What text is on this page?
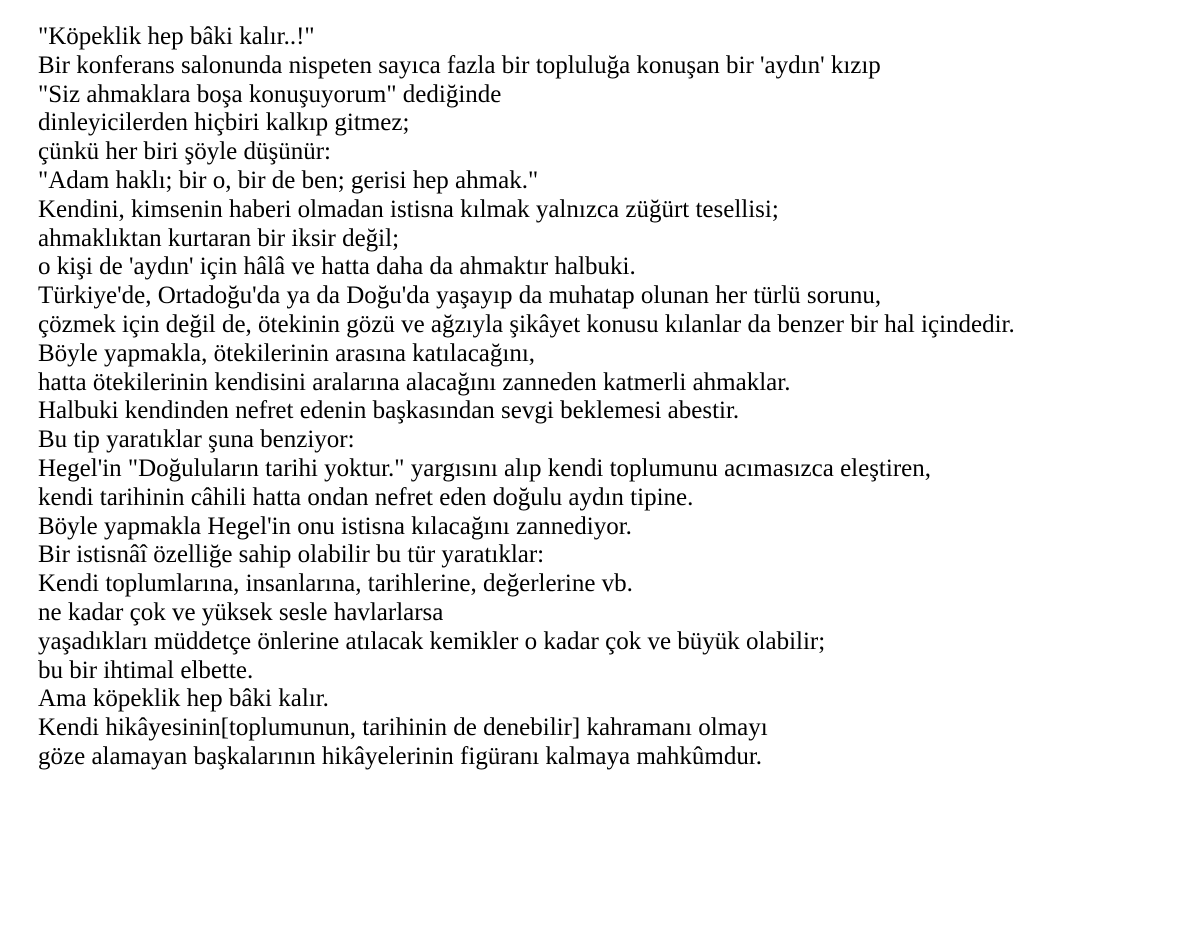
"Köpeklik hep bâki kalır..!"
Bir konferans salonunda nispeten sayıca fazla bir topluluğa konuşan bir 'aydın' kızıp
"Siz ahmaklara boşa konuşuyorum" dediğinde
dinleyicilerden hiçbiri kalkıp gitmez;
çünkü her biri şöyle düşünür:
"Adam haklı; bir o, bir de ben; gerisi hep ahmak."
Kendini, kimsenin haberi olmadan istisna kılmak yalnızca züğürt tesellisi;
ahmaklıktan kurtaran bir iksir değil;
o kişi de 'aydın' için hâlâ ve hatta daha da ahmaktır halbuki.
Türkiye'de, Ortadoğu'da ya da Doğu'da yaşayıp da muhatap olunan her türlü sorunu,
çözmek için değil de, ötekinin gözü ve ağzıyla şikâyet konusu kılanlar da benzer bir hal içindedir.
Böyle yapmakla, ötekilerinin arasına katılacağını,
hatta ötekilerinin kendisini aralarına alacağını zanneden katmerli ahmaklar.
Halbuki kendinden nefret edenin başkasından sevgi beklemesi abestir.
Bu tip yaratıklar şuna benziyor:
Hegel'in "Doğuluların tarihi yoktur." yargısını alıp kendi toplumunu acımasızca eleştiren,
kendi tarihinin câhili hatta ondan nefret eden doğulu aydın tipine.
Böyle yapmakla Hegel'in onu istisna kılacağını zannediyor.
Bir istisnâî özelliğe sahip olabilir bu tür yaratıklar:
Kendi toplumlarına, insanlarına, tarihlerine, değerlerine vb.
ne kadar çok ve yüksek sesle havlarlarsa
yaşadıkları müddetçe önlerine atılacak kemikler o kadar çok ve büyük olabilir;
bu bir ihtimal elbette.
Ama köpeklik hep bâki kalır.
Kendi hikâyesinin[toplumunun, tarihinin de denebilir] kahramanı olmayı
göze alamayan başkalarının hikâyelerinin figüranı kalmaya mahkûmdur.
